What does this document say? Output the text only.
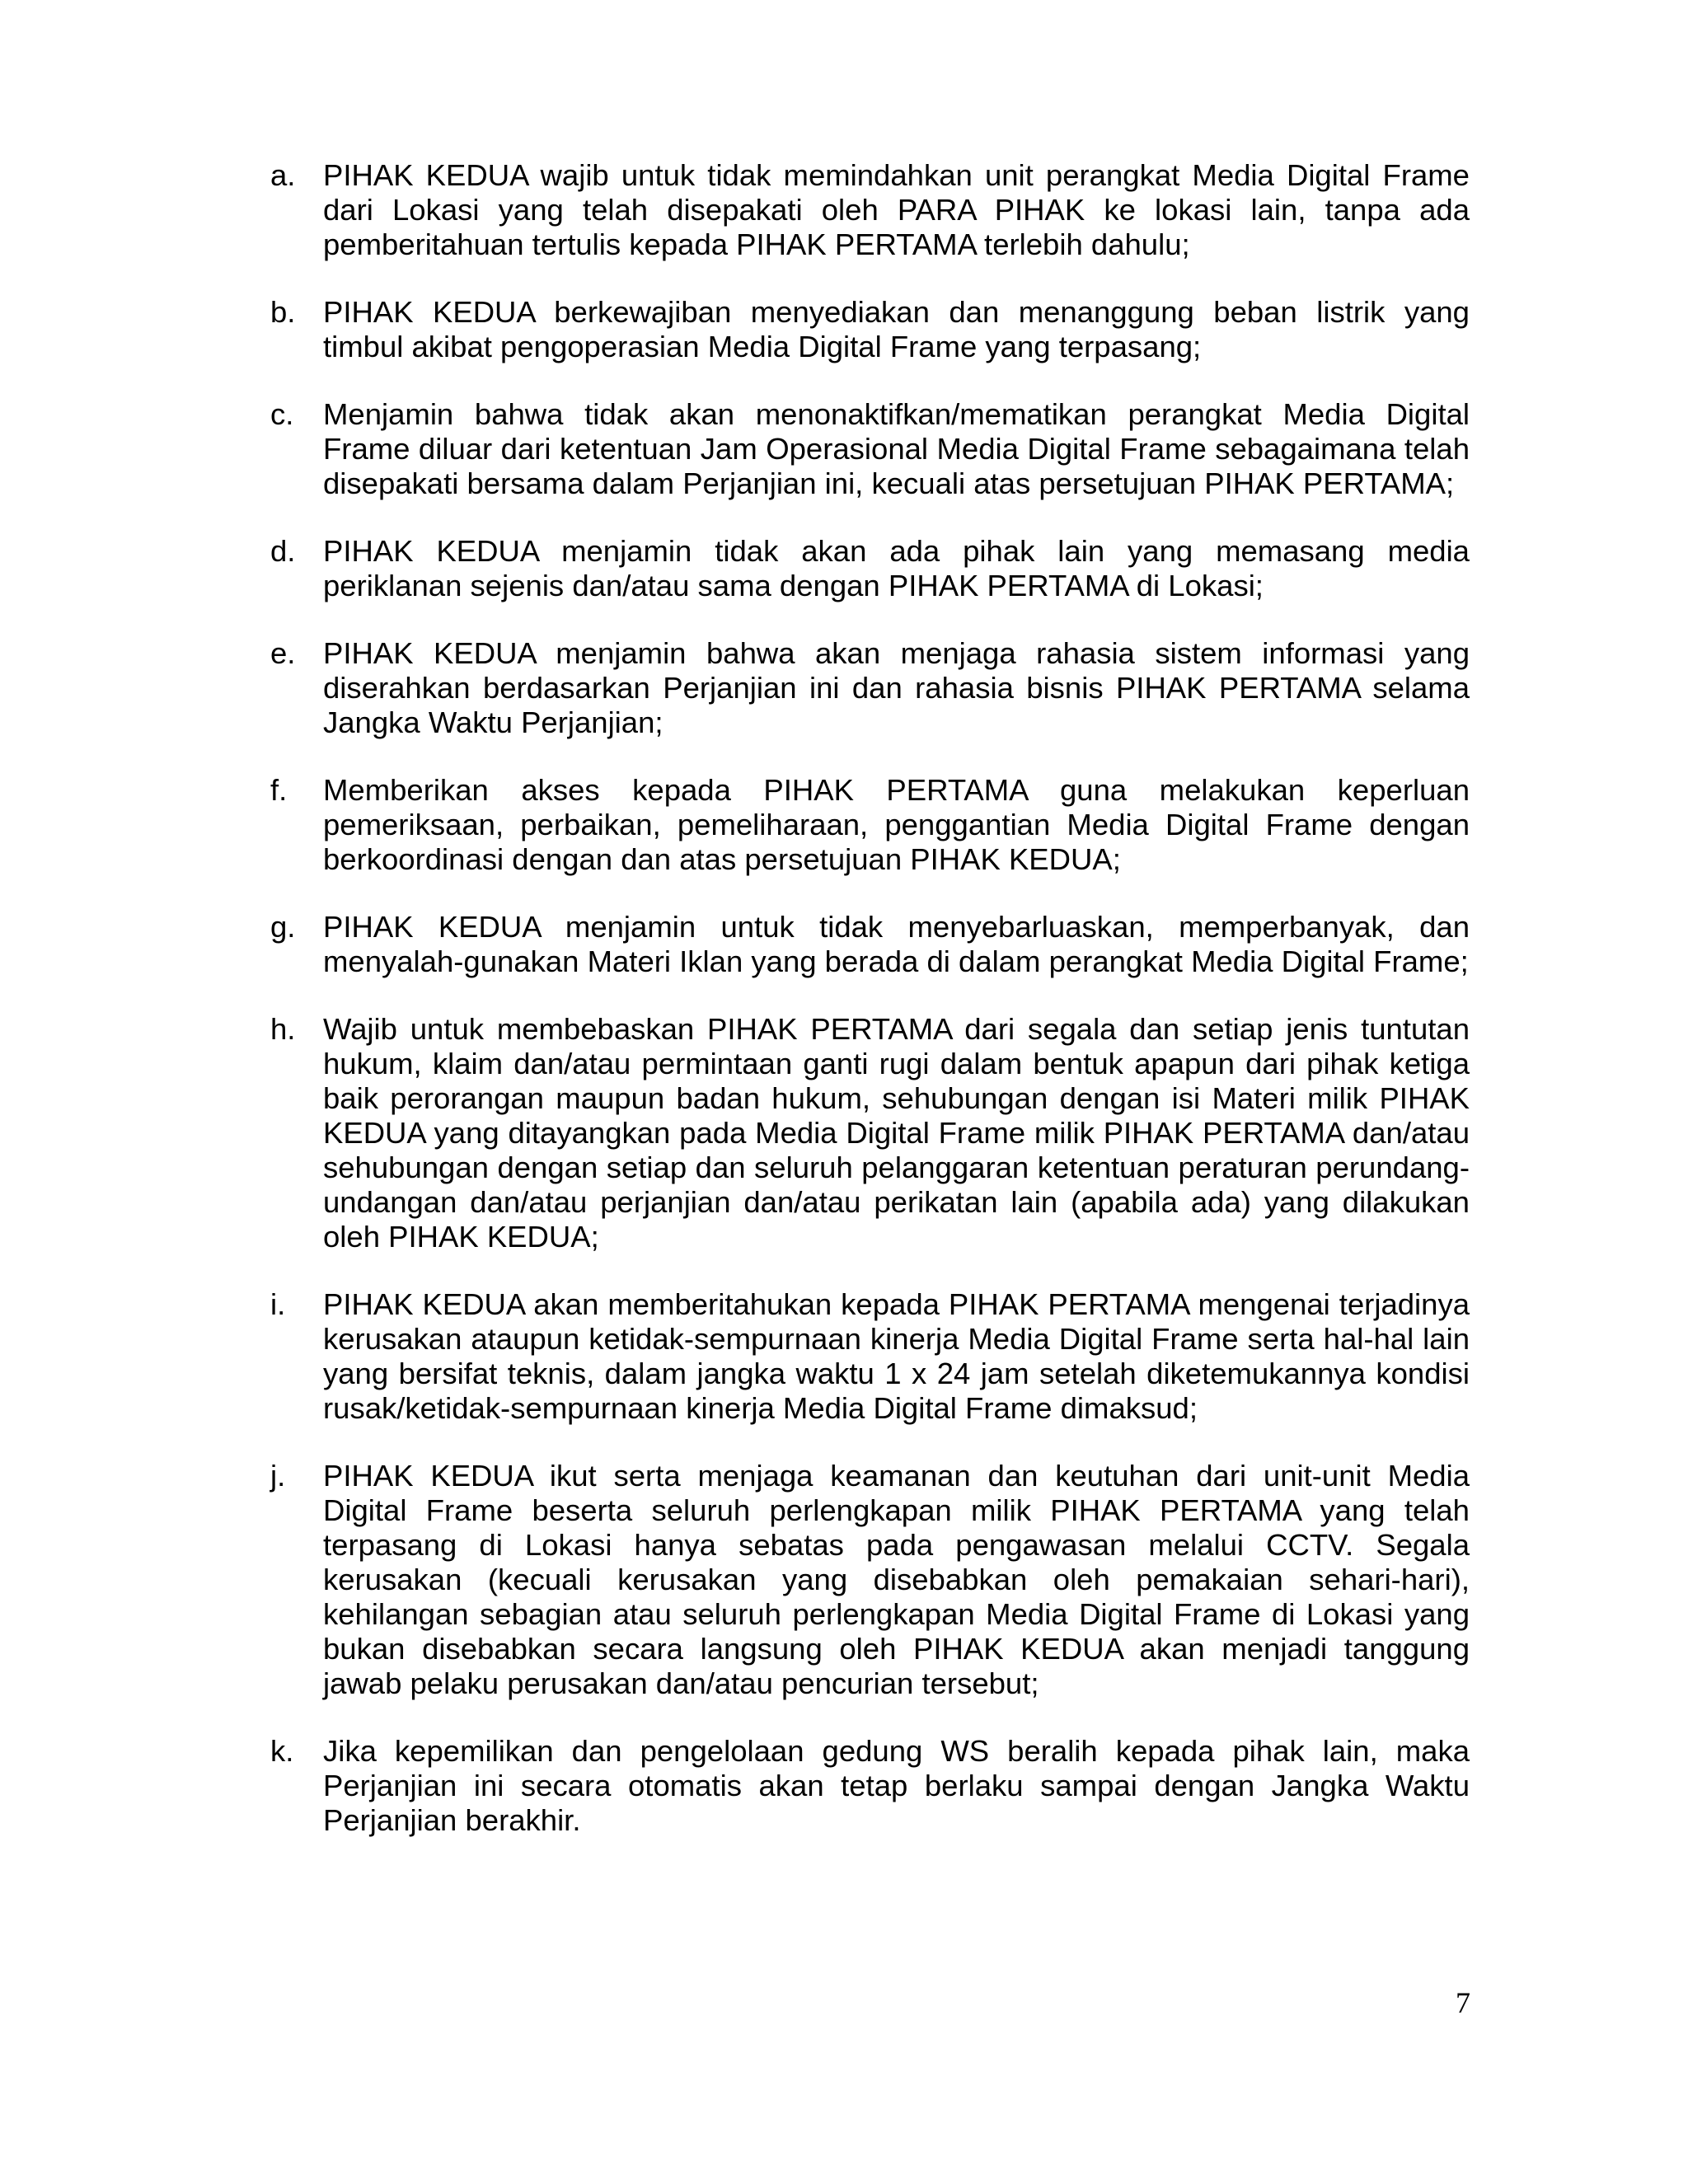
a. PIHAK KEDUA wajib untuk tidak memindahkan unit perangkat Media Digital Frame dari Lokasi yang telah disepakati oleh PARA PIHAK ke lokasi lain, tanpa ada pemberitahuan tertulis kepada PIHAK PERTAMA terlebih dahulu;
b. PIHAK KEDUA berkewajiban menyediakan dan menanggung beban listrik yang timbul akibat pengoperasian Media Digital Frame yang terpasang;
c. Menjamin bahwa tidak akan menonaktifkan/mematikan perangkat Media Digital Frame diluar dari ketentuan Jam Operasional Media Digital Frame sebagaimana telah disepakati bersama dalam Perjanjian ini, kecuali atas persetujuan PIHAK PERTAMA;
d. PIHAK KEDUA menjamin tidak akan ada pihak lain yang memasang media periklanan sejenis dan/atau sama dengan PIHAK PERTAMA di Lokasi;
e. PIHAK KEDUA menjamin bahwa akan menjaga rahasia sistem informasi yang diserahkan berdasarkan Perjanjian ini dan rahasia bisnis PIHAK PERTAMA selama Jangka Waktu Perjanjian;
f.	Memberikan akses kepada PIHAK PERTAMA guna melakukan keperluan pemeriksaan, perbaikan, pemeliharaan, penggantian Media Digital Frame dengan berkoordinasi dengan dan atas persetujuan PIHAK KEDUA;
g. PIHAK KEDUA menjamin untuk tidak menyebarluaskan, memperbanyak, dan menyalah-gunakan Materi Iklan yang berada di dalam perangkat Media Digital Frame;
h. Wajib untuk membebaskan PIHAK PERTAMA dari segala dan setiap jenis tuntutan hukum, klaim dan/atau permintaan ganti rugi dalam bentuk apapun dari pihak ketiga baik perorangan maupun badan hukum, sehubungan dengan isi Materi milik PIHAK KEDUA yang ditayangkan pada Media Digital Frame milik PIHAK PERTAMA dan/atau sehubungan dengan setiap dan seluruh pelanggaran ketentuan peraturan perundang-undangan dan/atau perjanjian dan/atau perikatan lain (apabila ada) yang dilakukan oleh PIHAK KEDUA;
i.	PIHAK KEDUA akan memberitahukan kepada PIHAK PERTAMA mengenai terjadinya kerusakan ataupun ketidak-sempurnaan kinerja Media Digital Frame serta hal-hal lain yang bersifat teknis, dalam jangka waktu 1 x 24 jam setelah diketemukannya kondisi rusak/ketidak-sempurnaan kinerja Media Digital Frame dimaksud;
j.	PIHAK KEDUA ikut serta menjaga keamanan dan keutuhan dari unit-unit Media Digital Frame beserta seluruh perlengkapan milik PIHAK PERTAMA yang telah terpasang di Lokasi hanya sebatas pada pengawasan melalui CCTV. Segala kerusakan (kecuali kerusakan yang disebabkan oleh pemakaian sehari-hari), kehilangan sebagian atau seluruh perlengkapan Media Digital Frame di Lokasi yang bukan disebabkan secara langsung oleh PIHAK KEDUA akan menjadi tanggung jawab pelaku perusakan dan/atau pencurian tersebut;
k. Jika kepemilikan dan pengelolaan gedung WS beralih kepada pihak lain, maka Perjanjian ini secara otomatis akan tetap berlaku sampai dengan Jangka Waktu Perjanjian berakhir.
7
